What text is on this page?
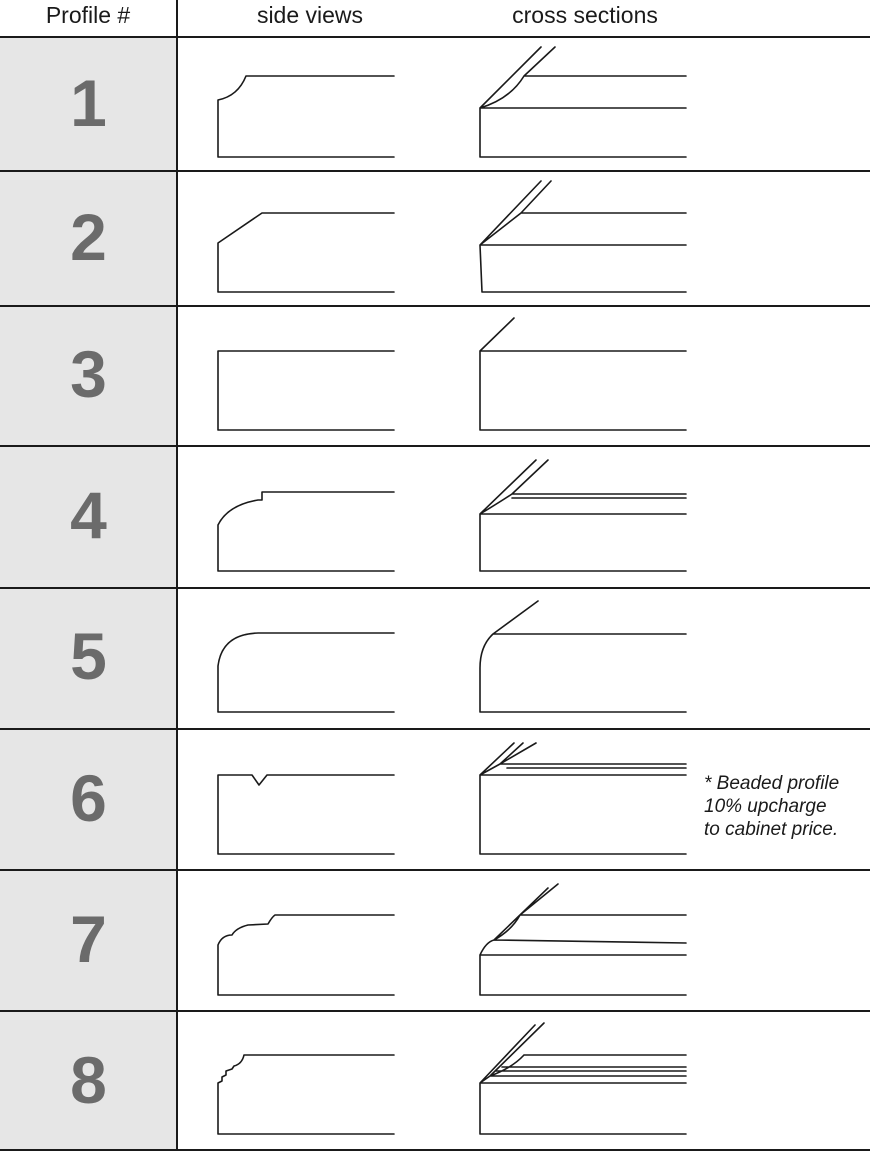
Profile #	side views	cross sections
1
2
3
4
5
6
7
8
* Beaded profile
10% upcharge
to cabinet price.
